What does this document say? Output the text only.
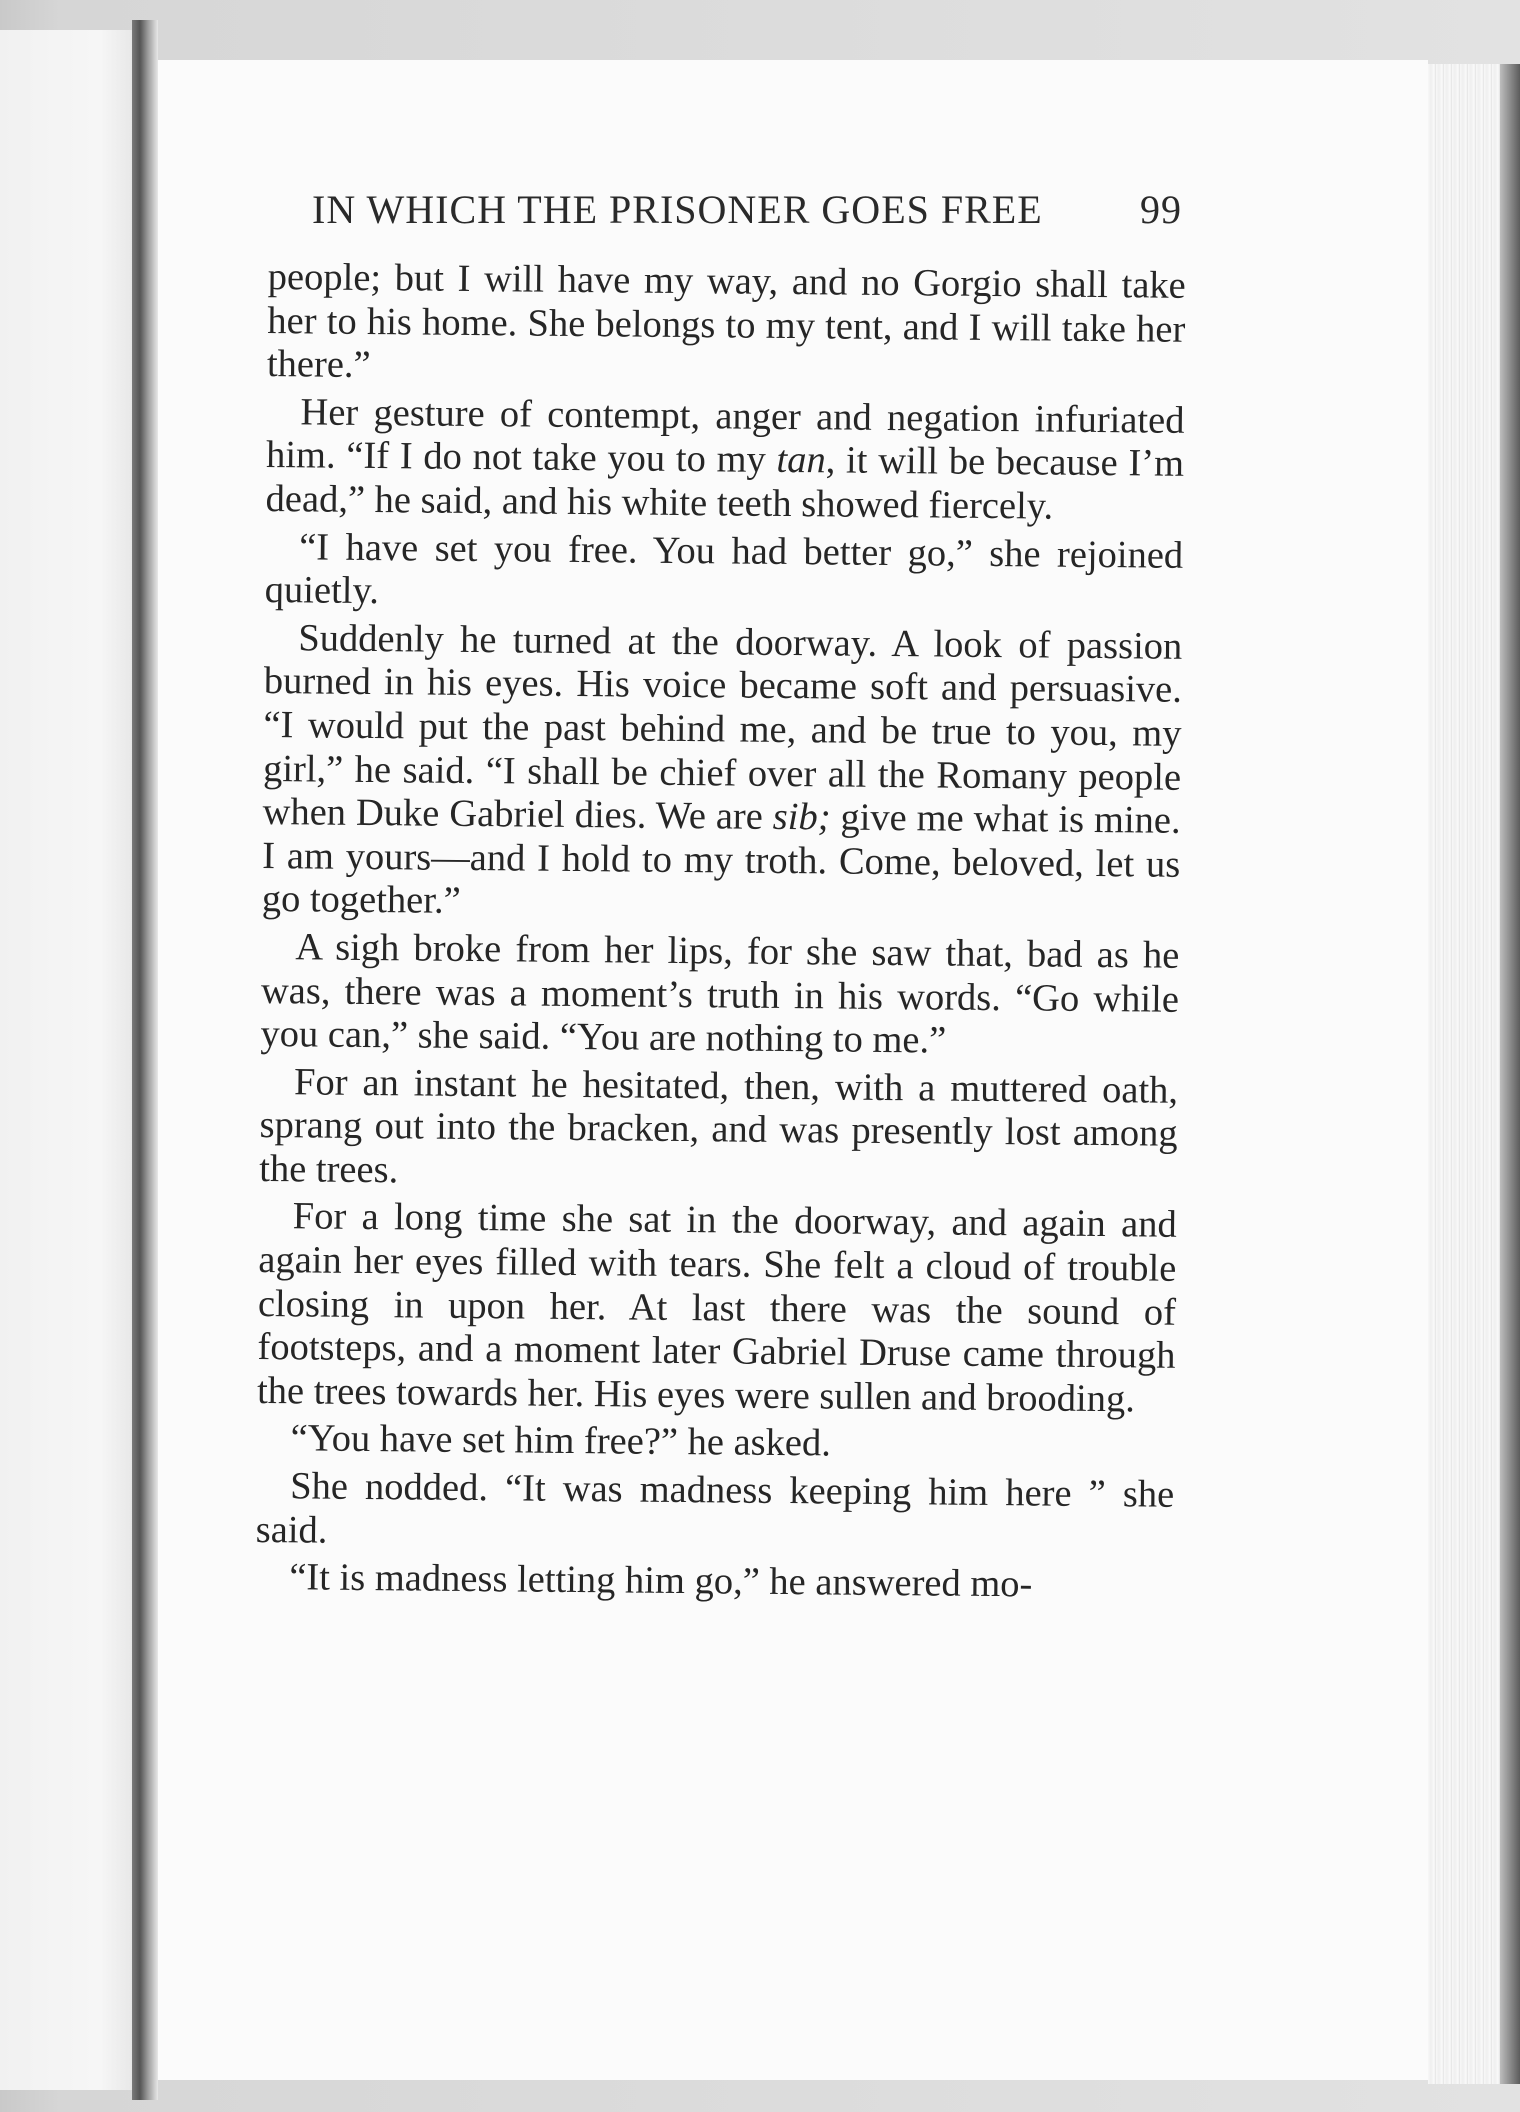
IN WHICH THE PRISONER GOES FREE 99

people; but I will have my way, and no Gorgio shall take her to his home. She belongs to my tent, and I will take her there.”

Her gesture of contempt, anger and negation infuriated him. “If I do not take you to my tan, it will be because I’m dead,” he said, and his white teeth showed fiercely.

“I have set you free. You had better go,” she rejoined quietly.

Suddenly he turned at the doorway. A look of passion burned in his eyes. His voice became soft and persuasive. “I would put the past behind me, and be true to you, my girl,” he said. “I shall be chief over all the Romany people when Duke Gabriel dies. We are sib; give me what is mine. I am yours—and I hold to my troth. Come, beloved, let us go together.”

A sigh broke from her lips, for she saw that, bad as he was, there was a moment’s truth in his words. “Go while you can,” she said. “You are nothing to me.”

For an instant he hesitated, then, with a muttered oath, sprang out into the bracken, and was presently lost among the trees.

For a long time she sat in the doorway, and again and again her eyes filled with tears. She felt a cloud of trouble closing in upon her. At last there was the sound of footsteps, and a moment later Gabriel Druse came through the trees towards her. His eyes were sullen and brooding.

“You have set him free?” he asked.

She nodded. “It was madness keeping him here ” she said.

“It is madness letting him go,” he answered mo-
